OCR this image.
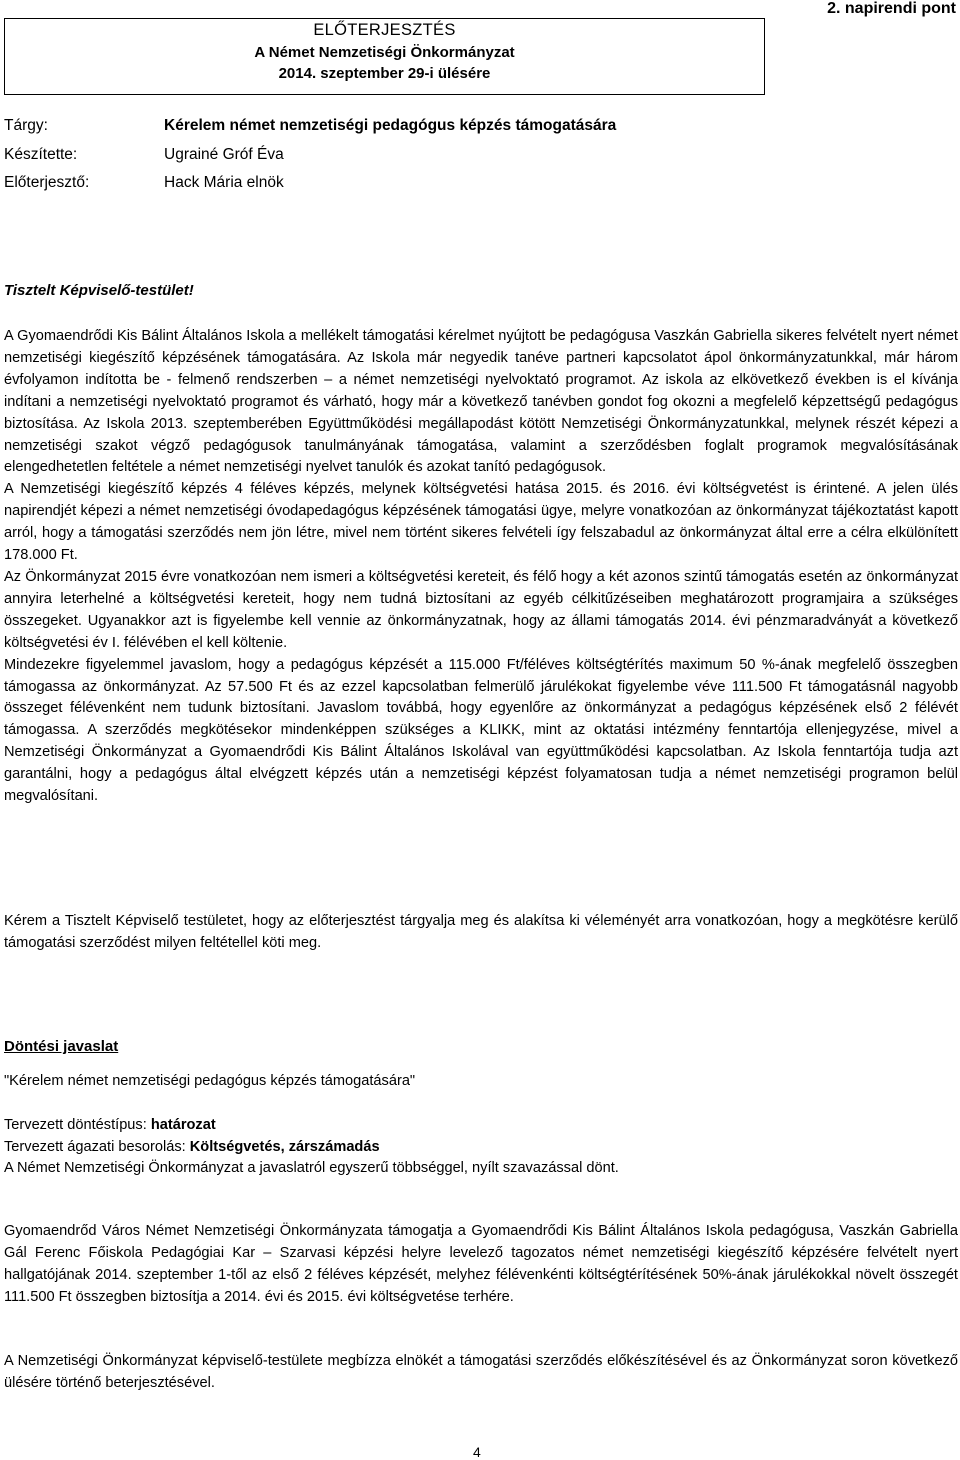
2. napirendi pont
ELŐTERJESZTÉS
A Német Nemzetiségi Önkormányzat
2014. szeptember 29-i ülésére
Tárgy:	Kérelem német nemzetiségi pedagógus képzés támogatására
Készítette:	Ugrainé Gróf Éva
Előterjesztő:	Hack Mária elnök
Tisztelt Képviselő-testület!

A Gyomaendrődi Kis Bálint Általános Iskola a mellékelt támogatási kérelmet nyújtott be pedagógusa Vaszkán Gabriella sikeres felvételt nyert német nemzetiségi kiegészítő képzésének támogatására. Az Iskola már negyedik tanéve partneri kapcsolatot ápol önkormányzatunkkal, már három évfolyamon indította be - felmenő rendszerben – a német nemzetiségi nyelvoktató programot. Az iskola az elkövetkező években is el kívánja indítani a nemzetiségi nyelvoktató programot és várható, hogy már a következő tanévben gondot fog okozni a megfelelő képzettségű pedagógus biztosítása. Az Iskola 2013. szeptemberében Együttműködési megállapodást kötött Nemzetiségi Önkormányzatunkkal, melynek részét képezi a nemzetiségi szakot végző pedagógusok tanulmányának támogatása, valamint a szerződésben foglalt programok megvalósításának elengedhetetlen feltétele a német nemzetiségi nyelvet tanulók és azokat tanító pedagógusok.

A Nemzetiségi kiegészítő képzés 4 féléves képzés, melynek költségvetési hatása 2015. és 2016. évi költségvetést is érintené. A jelen ülés napirendjét képezi a német nemzetiségi óvodapedagógus képzésének támogatási ügye, melyre vonatkozóan az önkormányzat tájékoztatást kapott arról, hogy a támogatási szerződés nem jön létre, mivel nem történt sikeres felvételi így felszabadul az önkormányzat által erre a célra elkülönített 178.000 Ft.

Az Önkormányzat 2015 évre vonatkozóan nem ismeri a költségvetési kereteit, és félő hogy a két azonos szintű támogatás esetén az önkormányzat annyira leterhelné a költségvetési kereteit, hogy nem tudná biztosítani az egyéb célkitűzéseiben meghatározott programjaira a szükséges összegeket. Ugyanakkor azt is figyelembe kell vennie az önkormányzatnak, hogy az állami támogatás 2014. évi pénzmaradványát a következő költségvetési év I. félévében el kell költenie.

Mindezekre figyelemmel javaslom, hogy a pedagógus képzését a 115.000 Ft/féléves költségtérítés maximum 50 %-ának megfelelő összegben támogassa az önkormányzat. Az 57.500 Ft és az ezzel kapcsolatban felmerülő járulékokat figyelembe véve 111.500 Ft támogatásnál nagyobb összeget félévenként nem tudunk biztosítani. Javaslom továbbá, hogy egyenlőre az önkormányzat a pedagógus képzésének első 2 félévét támogassa. A szerződés megkötésekor mindenképpen szükséges a KLIKK, mint az oktatási intézmény fenntartója ellenjegyzése, mivel a Nemzetiségi Önkormányzat a Gyomaendrődi Kis Bálint Általános Iskolával van együttműködési kapcsolatban. Az Iskola fenntartója tudja azt garantálni, hogy a pedagógus által elvégzett képzés után a nemzetiségi képzést folyamatosan tudja a német nemzetiségi programon belül megvalósítani.

Kérem a Tisztelt Képviselő testületet, hogy az előterjesztést tárgyalja meg és alakítsa ki véleményét arra vonatkozóan, hogy a megkötésre kerülő támogatási szerződést milyen feltétellel köti meg.
Döntési javaslat
"Kérelem német nemzetiségi pedagógus képzés támogatására"
Tervezett döntéstípus: határozat
Tervezett ágazati besorolás: Költségvetés, zárszámadás
A Német Nemzetiségi Önkormányzat a javaslatról egyszerű többséggel, nyílt szavazással dönt.
Gyomaendrőd Város Német Nemzetiségi Önkormányzata támogatja a Gyomaendrődi Kis Bálint Általános Iskola pedagógusa, Vaszkán Gabriella Gál Ferenc Főiskola Pedagógiai Kar – Szarvasi képzési helyre levelező tagozatos német nemzetiségi kiegészítő képzésére felvételt nyert hallgatójának 2014. szeptember 1-től az első 2 féléves képzését, melyhez félévenkénti költségtérítésének 50%-ának járulékokkal növelt összegét 111.500 Ft összegben biztosítja a 2014. évi és 2015. évi költségvetése terhére.
A Nemzetiségi Önkormányzat képviselő-testülete megbízza elnökét a támogatási szerződés előkészítésével és az Önkormányzat soron következő ülésére történő beterjesztésével.
4
